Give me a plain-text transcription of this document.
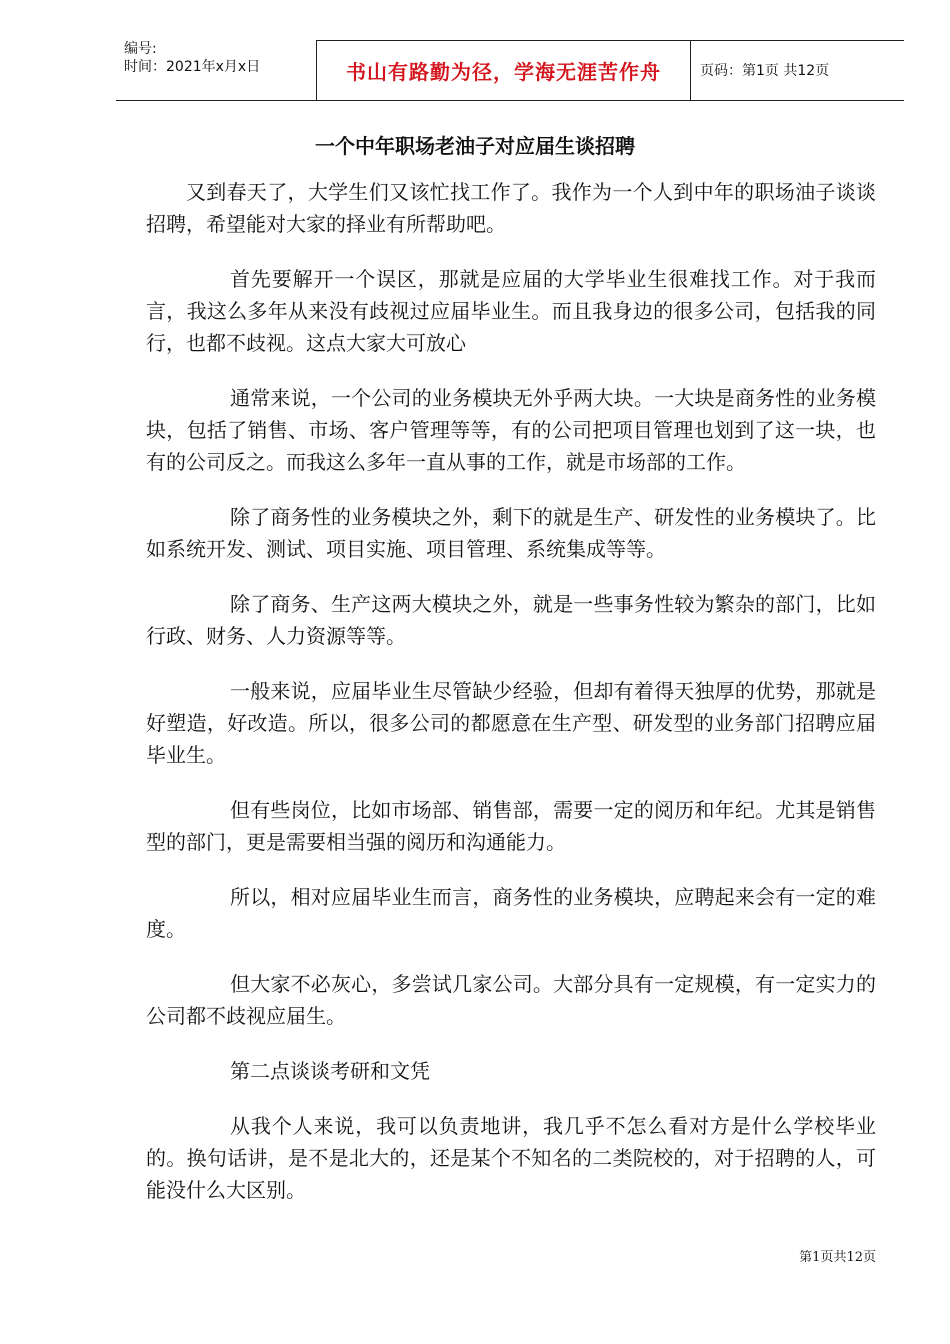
编号:
时间：2021年x月x日	书山有路勤为径，学海无涯苦作舟	页码：第1页 共12页
一个中年职场老油子对应届生谈招聘

又到春天了，大学生们又该忙找工作了。我作为一个人到中年的职场油子谈谈招聘，希望能对大家的择业有所帮助吧。

首先要解开一个误区，那就是应届的大学毕业生很难找工作。对于我而言，我这么多年从来没有歧视过应届毕业生。而且我身边的很多公司，包括我的同行，也都不歧视。这点大家大可放心

通常来说，一个公司的业务模块无外乎两大块。一大块是商务性的业务模块，包括了销售、市场、客户管理等等，有的公司把项目管理也划到了这一块，也有的公司反之。而我这么多年一直从事的工作，就是市场部的工作。

除了商务性的业务模块之外，剩下的就是生产、研发性的业务模块了。比如系统开发、测试、项目实施、项目管理、系统集成等等。

除了商务、生产这两大模块之外，就是一些事务性较为繁杂的部门，比如行政、财务、人力资源等等。

一般来说，应届毕业生尽管缺少经验，但却有着得天独厚的优势，那就是好塑造，好改造。所以，很多公司的都愿意在生产型、研发型的业务部门招聘应届毕业生。

但有些岗位，比如市场部、销售部，需要一定的阅历和年纪。尤其是销售型的部门，更是需要相当强的阅历和沟通能力。

所以，相对应届毕业生而言，商务性的业务模块，应聘起来会有一定的难度。

但大家不必灰心，多尝试几家公司。大部分具有一定规模，有一定实力的公司都不歧视应届生。

第二点谈谈考研和文凭

从我个人来说，我可以负责地讲，我几乎不怎么看对方是什么学校毕业的。换句话讲，是不是北大的，还是某个不知名的二类院校的，对于招聘的人，可能没什么大区别。

第1页共12页
